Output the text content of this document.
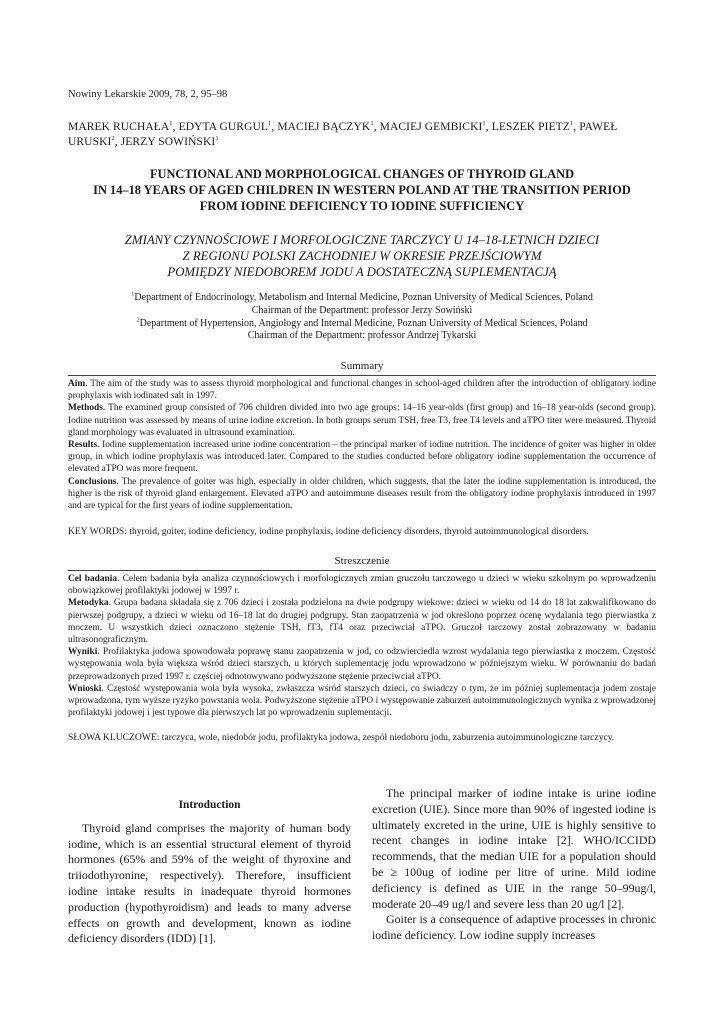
Nowiny Lekarskie 2009, 78, 2, 95–98
MAREK RUCHAŁA$^1$, EDYTA GURGUL$^1$, MACIEJ BĄCZYK$^1$, MACIEJ GEMBICKI$^1$, LESZEK PIETZ$^1$, PAWEŁ URUSKI$^2$, JERZY SOWIŃSKI$^1$
FUNCTIONAL AND MORPHOLOGICAL CHANGES OF THYROID GLAND
IN 14–18 YEARS OF AGED CHILDREN IN WESTERN POLAND AT THE TRANSITION PERIOD
FROM IODINE DEFICIENCY TO IODINE SUFFICIENCY
ZMIANY CZYNNOŚCIOWE I MORFOLOGICZNE TARCZYCY U 14–18-LETNICH DZIECI
Z REGIONU POLSKI ZACHODNIEJ W OKRESIE PRZEJŚCIOWYM
POMIĘDZY NIEDOBOREM JODU A DOSTATECZNĄ SUPLEMENTACJĄ
$^1$Department of Endocrinology, Metabolism and Internal Medicine, Poznan University of Medical Sciences, Poland
Chairman of the Department: professor Jerzy Sowiński
$^2$Department of Hypertension, Angiology and Internal Medicine, Poznan University of Medical Sciences, Poland
Chairman of the Department: professor Andrzej Tykarski
Summary

Aim. The aim of the study was to assess thyroid morphological and functional changes in school-aged children after the introduction of obligatory iodine prophylaxis with iodinated salt in 1997.

Methods. The examined group consisted of 706 children divided into two age groups: 14–16 year-olds (first group) and 16–18 year-olds (second group). Iodine nutrition was assessed by means of urine iodine excretion. In both groups serum TSH, free T3, free T4 levels and aTPO titer were measured. Thyroid gland morphology was evaluated in ultrasound examination.

Results. Iodine supplementation increased urine iodine concentration – the principal marker of iodine nutrition. The incidence of goiter was higher in older group, in which iodine prophylaxis was introduced later. Compared to the studies conducted before obligatory iodine supplementation the occurrence of elevated aTPO was more frequent.

Conclusions. The prevalence of goiter was high, especially in older children, which suggests, that the later the iodine supplementation is introduced, the higher is the risk of thyroid gland enlargement. Elevated aTPO and autoimmune diseases result from the obligatory iodine prophylaxis introduced in 1997 and are typical for the first years of iodine supplementation.

KEY WORDS: thyroid, goiter, iodine deficiency, iodine prophylaxis, iodine deficiency disorders, thyroid autoimmunological disorders.
Streszczenie

Cel badania. Celem badania była analiza czynnościowych i morfologicznych zmian gruczołu tarczowego u dzieci w wieku szkolnym po wprowadzeniu obowiązkowej profilaktyki jodowej w 1997 r.

Metodyka. Grupa badana składała się z 706 dzieci i została podzielona na dwie podgrupy wiekowe: dzieci w wieku od 14 do 18 lat zakwalifikowano do pierwszej podgrupy, a dzieci w wieku od 16–18 lat do drugiej podgrupy. Stan zaopatrzenia w jod określono poprzez ocenę wydalania tego pierwiastka z moczem. U wszystkich dzieci oznaczono stężenie TSH, fT3, fT4 oraz przeciwciał aTPO. Gruczoł tarczowy został zobrazowany w badaniu ultrasonograficznym.

Wyniki. Profilaktyka jodowa spowodowała poprawę stanu zaopatrzenia w jod, co odzwierciedla wzrost wydalania tego pierwiastka z moczem. Częstość występowania wola była większa wśród dzieci starszych, u których suplementację jodu wprowadzono w późniejszym wieku. W porównaniu do badań przeprowadzonych przed 1997 r. częściej odnotowywano podwyższone stężenie przeciwciał aTPO.

Wnioski. Częstość występowania wola była wysoka, zwłaszcza wśród starszych dzieci, co świadczy o tym, że im później suplementacja jodem zostaje wprowadzona, tym wyższe ryzyko powstania wola. Podwyższone stężenie aTPO i występowanie zaburzeń autoimmunologicznych wynika z wprowadzonej profilaktyki jodowej i jest typowe dla pierwszych lat po wprowadzeniu suplementacji.

SŁOWA KLUCZOWE: tarczyca, wole, niedobór jodu, profilaktyka jodowa, zespół niedoboru jodu, zaburzenia autoimmunologiczne tarczycy.
Introduction

Thyroid gland comprises the majority of human body iodine, which is an essential structural element of thyroid hormones (65% and 59% of the weight of thyroxine and triiodothyronine, respectively). Therefore, insufficient iodine intake results in inadequate thyroid hormones production (hypothyroidism) and leads to many adverse effects on growth and development, known as iodine deficiency disorders (IDD) [1].

The principal marker of iodine intake is urine iodine excretion (UIE). Since more than 90% of ingested iodine is ultimately excreted in the urine, UIE is highly sensitive to recent changes in iodine intake [2]. WHO/ICCIDD recommends, that the median UIE for a population should be ≥ 100ug of iodine per litre of urine. Mild iodine deficiency is defined as UIE in the range 50–99ug/l, moderate 20–49 ug/l and severe less than 20 ug/l [2].

Goiter is a consequence of adaptive processes in chronic iodine deficiency. Low iodine supply increases
